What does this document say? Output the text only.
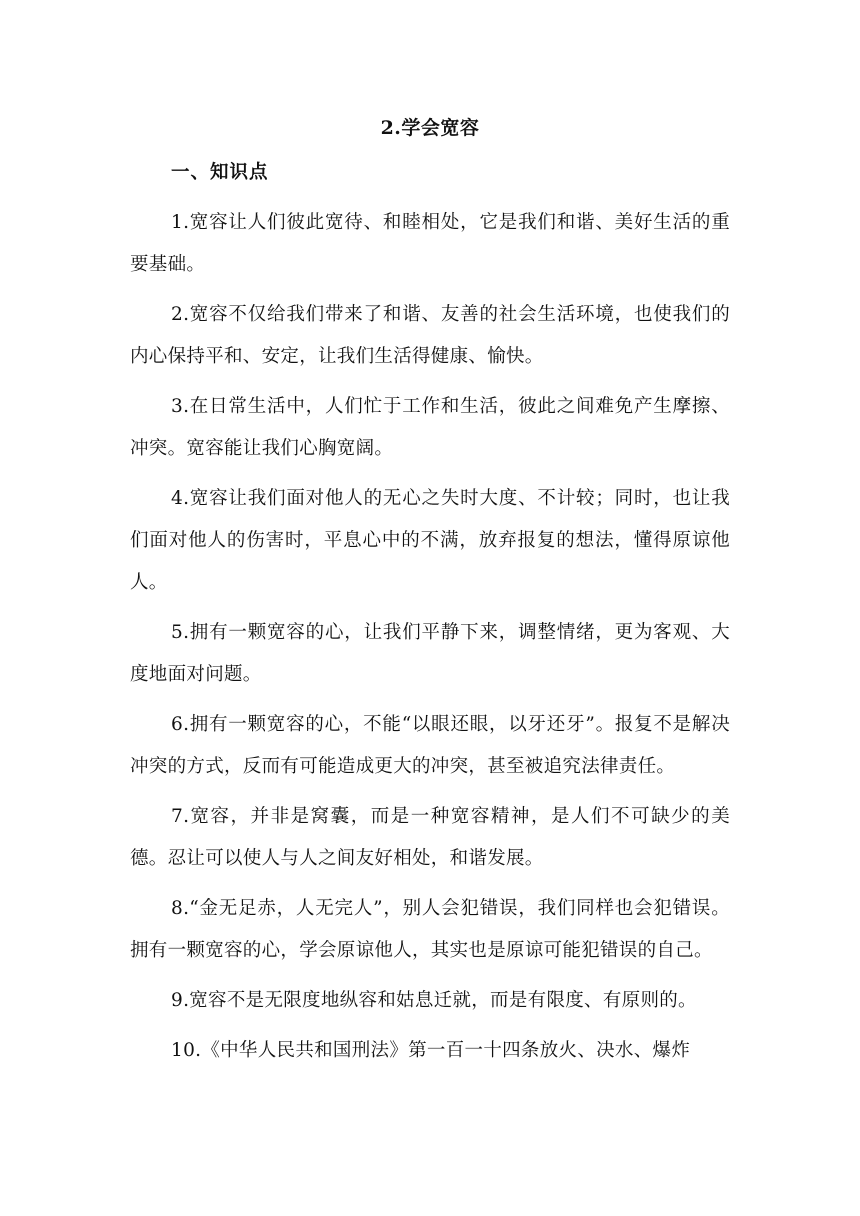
2.学会宽容
一、知识点

1.宽容让人们彼此宽待、和睦相处，它是我们和谐、美好生活的重要基础。

2.宽容不仅给我们带来了和谐、友善的社会生活环境，也使我们的内心保持平和、安定，让我们生活得健康、愉快。

3.在日常生活中，人们忙于工作和生活，彼此之间难免产生摩擦、冲突。宽容能让我们心胸宽阔。

4.宽容让我们面对他人的无心之失时大度、不计较；同时，也让我们面对他人的伤害时，平息心中的不满，放弃报复的想法，懂得原谅他人。

5.拥有一颗宽容的心，让我们平静下来，调整情绪，更为客观、大度地面对问题。

6.拥有一颗宽容的心，不能“以眼还眼，以牙还牙”。报复不是解决冲突的方式，反而有可能造成更大的冲突，甚至被追究法律责任。

7.宽容，并非是窝囊，而是一种宽容精神，是人们不可缺少的美德。忍让可以使人与人之间友好相处，和谐发展。

8.“金无足赤，人无完人”，别人会犯错误，我们同样也会犯错误。拥有一颗宽容的心，学会原谅他人，其实也是原谅可能犯错误的自己。

9.宽容不是无限度地纵容和姑息迁就，而是有限度、有原则的。

10.《中华人民共和国刑法》第一百一十四条放火、决水、爆炸
